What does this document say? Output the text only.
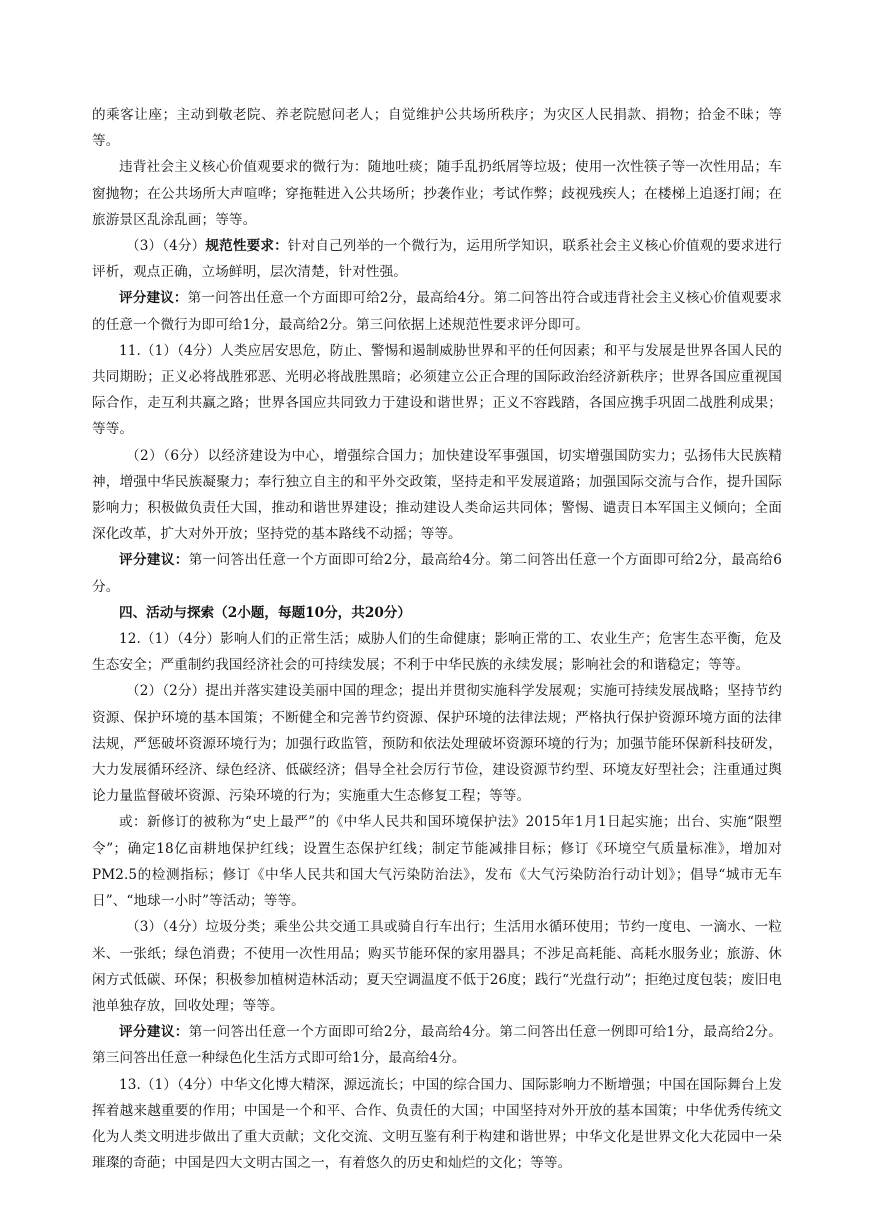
的乘客让座；主动到敬老院、养老院慰问老人；自觉维护公共场所秩序；为灾区人民捐款、捐物；拾金不昧；等等。

违背社会主义核心价值观要求的微行为：随地吐痰；随手乱扔纸屑等垃圾；使用一次性筷子等一次性用品；车窗抛物；在公共场所大声喧哗；穿拖鞋进入公共场所；抄袭作业；考试作弊；歧视残疾人；在楼梯上追逐打闹；在旅游景区乱涂乱画；等等。

（3）（4分）规范性要求：针对自己列举的一个微行为，运用所学知识，联系社会主义核心价值观的要求进行评析，观点正确，立场鲜明，层次清楚，针对性强。

评分建议：第一问答出任意一个方面即可给2分，最高给4分。第二问答出符合或违背社会主义核心价值观要求的任意一个微行为即可给1分，最高给2分。第三问依据上述规范性要求评分即可。

11.（1）（4分）人类应居安思危，防止、警惕和遏制威胁世界和平的任何因素；和平与发展是世界各国人民的共同期盼；正义必将战胜邪恶、光明必将战胜黑暗；必须建立公正合理的国际政治经济新秩序；世界各国应重视国际合作，走互利共赢之路；世界各国应共同致力于建设和谐世界；正义不容践踏，各国应携手巩固二战胜利成果；等等。

（2）（6分）以经济建设为中心，增强综合国力；加快建设军事强国，切实增强国防实力；弘扬伟大民族精神，增强中华民族凝聚力；奉行独立自主的和平外交政策，坚持走和平发展道路；加强国际交流与合作，提升国际影响力；积极做负责任大国，推动和谐世界建设；推动建设人类命运共同体；警惕、谴责日本军国主义倾向；全面深化改革，扩大对外开放；坚持党的基本路线不动摇；等等。

评分建议：第一问答出任意一个方面即可给2分，最高给4分。第二问答出任意一个方面即可给2分，最高给6分。

四、活动与探索（2小题，每题10分，共20分）

12.（1）（4分）影响人们的正常生活；威胁人们的生命健康；影响正常的工、农业生产；危害生态平衡，危及生态安全；严重制约我国经济社会的可持续发展；不利于中华民族的永续发展；影响社会的和谐稳定；等等。

（2）（2分）提出并落实建设美丽中国的理念；提出并贯彻实施科学发展观；实施可持续发展战略；坚持节约资源、保护环境的基本国策；不断健全和完善节约资源、保护环境的法律法规；严格执行保护资源环境方面的法律法规，严惩破坏资源环境行为；加强行政监管，预防和依法处理破坏资源环境的行为；加强节能环保新科技研发，大力发展循环经济、绿色经济、低碳经济；倡导全社会厉行节俭，建设资源节约型、环境友好型社会；注重通过舆论力量监督破坏资源、污染环境的行为；实施重大生态修复工程；等等。

或：新修订的被称为“史上最严”的《中华人民共和国环境保护法》2015年1月1日起实施；出台、实施“限塑令”；确定18亿亩耕地保护红线；设置生态保护红线；制定节能减排目标；修订《环境空气质量标准》，增加对PM2.5的检测指标；修订《中华人民共和国大气污染防治法》，发布《大气污染防治行动计划》；倡导“城市无车日”、“地球一小时”等活动；等等。

（3）（4分）垃圾分类；乘坐公共交通工具或骑自行车出行；生活用水循环使用；节约一度电、一滴水、一粒米、一张纸；绿色消费；不使用一次性用品；购买节能环保的家用器具；不涉足高耗能、高耗水服务业；旅游、休闲方式低碳、环保；积极参加植树造林活动；夏天空调温度不低于26度；践行“光盘行动”；拒绝过度包装；废旧电池单独存放，回收处理；等等。

评分建议：第一问答出任意一个方面即可给2分，最高给4分。第二问答出任意一例即可给1分，最高给2分。第三问答出任意一种绿色化生活方式即可给1分，最高给4分。

13.（1）（4分）中华文化博大精深，源远流长；中国的综合国力、国际影响力不断增强；中国在国际舞台上发挥着越来越重要的作用；中国是一个和平、合作、负责任的大国；中国坚持对外开放的基本国策；中华优秀传统文化为人类文明进步做出了重大贡献；文化交流、文明互鉴有利于构建和谐世界；中华文化是世界文化大花园中一朵璀璨的奇葩；中国是四大文明古国之一，有着悠久的历史和灿烂的文化；等等。
